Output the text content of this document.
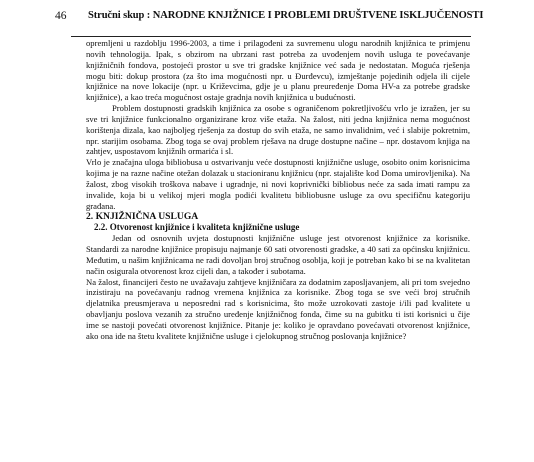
46 Stručni skup : NARODNE KNJIŽNICE I PROBLEMI DRUŠTVENE ISKLJUČENOSTI

opremljeni u razdoblju 1996-2003, a time i prilagođeni za suvremenu ulogu narodnih knjižnica te primjenu novih tehnologija. Ipak, s obzirom na ubrzani rast potreba za uvođenjem novih usluga te povećavanje knjižničnih fondova, postojeći prostor u sve tri gradske knjižnice već sada je nedostatan. Moguća rješenja mogu biti: dokup prostora (za što ima mogućnosti npr. u Đurđevcu), izmještanje pojedinih odjela ili cijele knjižnice na nove lokacije (npr. u Križevcima, gdje je u planu preuređenje Doma HV-a za potrebe gradske knjižnice), a kao treća mogućnost ostaje gradnja novih knjižnica u budućnosti.

Problem dostupnosti gradskih knjižnica za osobe s ograničenom pokretljivošću vrlo je izražen, jer su sve tri knjižnice funkcionalno organizirane kroz više etaža. Na žalost, niti jedna knjižnica nema mogućnost korištenja dizala, kao najboljeg rješenja za dostup do svih etaža, ne samo invalidnim, već i slabije pokretnim, npr. starijim osobama. Zbog toga se ovaj problem rješava na druge dostupne načine – npr. dostavom knjiga na zahtjev, uspostavom knjižnih ormarića i sl.

Vrlo je značajna uloga bibliobusa u ostvarivanju veće dostupnosti knjižnične usluge, osobito onim korisnicima kojima je na razne načine otežan dolazak u stacioniranu knjižnicu (npr. stajalište kod Doma umirovljenika). Na žalost, zbog visokih troškova nabave i ugradnje, ni novi koprivnički bibliobus neće za sada imati rampu za invalide, koja bi u velikoj mjeri mogla podići kvalitetu bibliobusne usluge za ovu specifičnu kategoriju građana.

2. KNJIŽNIČNA USLUGA

2.2. Otvorenost knjižnice i kvaliteta knjižnične usluge

Jedan od osnovnih uvjeta dostupnosti knjižnične usluge jest otvorenost knjižnice za korisnike. Standardi za narodne knjižnice propisuju najmanje 60 sati otvorenosti gradske, a 40 sati za općinsku knjižnicu. Međutim, u našim knjižnicama ne radi dovoljan broj stručnog osoblja, koji je potreban kako bi se na kvalitetan način osigurala otvorenost kroz cijeli dan, a također i subotama.

Na žalost, financijeri često ne uvažavaju zahtjeve knjižničara za dodatnim zaposljavanjem, ali pri tom svejedno inzistiraju na povećavanju radnog vremena knjižnica za korisnike. Zbog toga se sve veći broj stručnih djelatnika preusmjerava u neposredni rad s korisnicima, što može uzrokovati zastoje i/ili pad kvalitete u obavljanju poslova vezanih za stručno uređenje knjižničnog fonda, čime su na gubitku ti isti korisnici u čije ime se nastoji povećati otvorenost knjižnice. Pitanje je: koliko je opravdano povećavati otvorenost knjižnice, ako ona ide na štetu kvalitete knjižnične usluge i cjelokupnog stručnog poslovanja knjižnice?
